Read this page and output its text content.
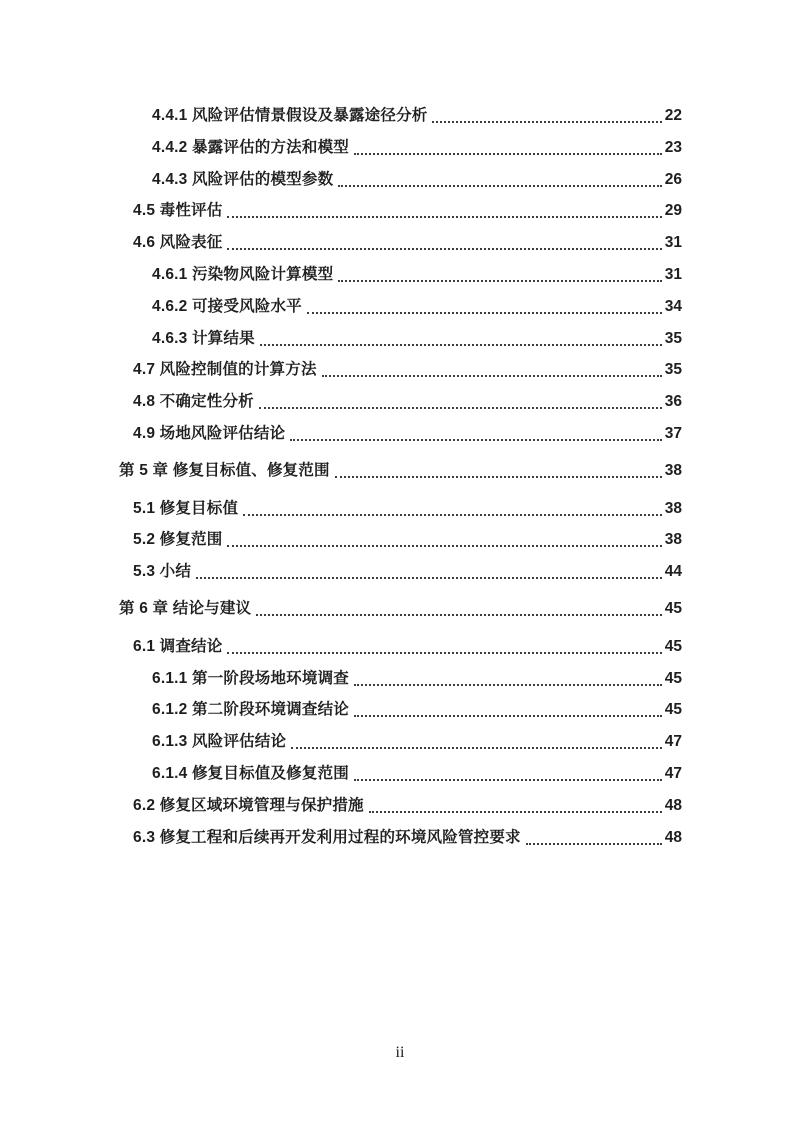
4.4.1 风险评估情景假设及暴露途径分析	22
4.4.2 暴露评估的方法和模型	23
4.4.3 风险评估的模型参数	26
4.5 毒性评估	29
4.6 风险表征	31
4.6.1 污染物风险计算模型	31
4.6.2 可接受风险水平	34
4.6.3 计算结果	35
4.7 风险控制值的计算方法	35
4.8 不确定性分析	36
4.9 场地风险评估结论	37
第 5 章 修复目标值、修复范围	38
5.1 修复目标值	38
5.2 修复范围	38
5.3 小结	44
第 6 章 结论与建议	45
6.1 调查结论	45
6.1.1 第一阶段场地环境调查	45
6.1.2 第二阶段环境调查结论	45
6.1.3 风险评估结论	47
6.1.4 修复目标值及修复范围	47
6.2 修复区域环境管理与保护措施	48
6.3 修复工程和后续再开发利用过程的环境风险管控要求	48
ii
